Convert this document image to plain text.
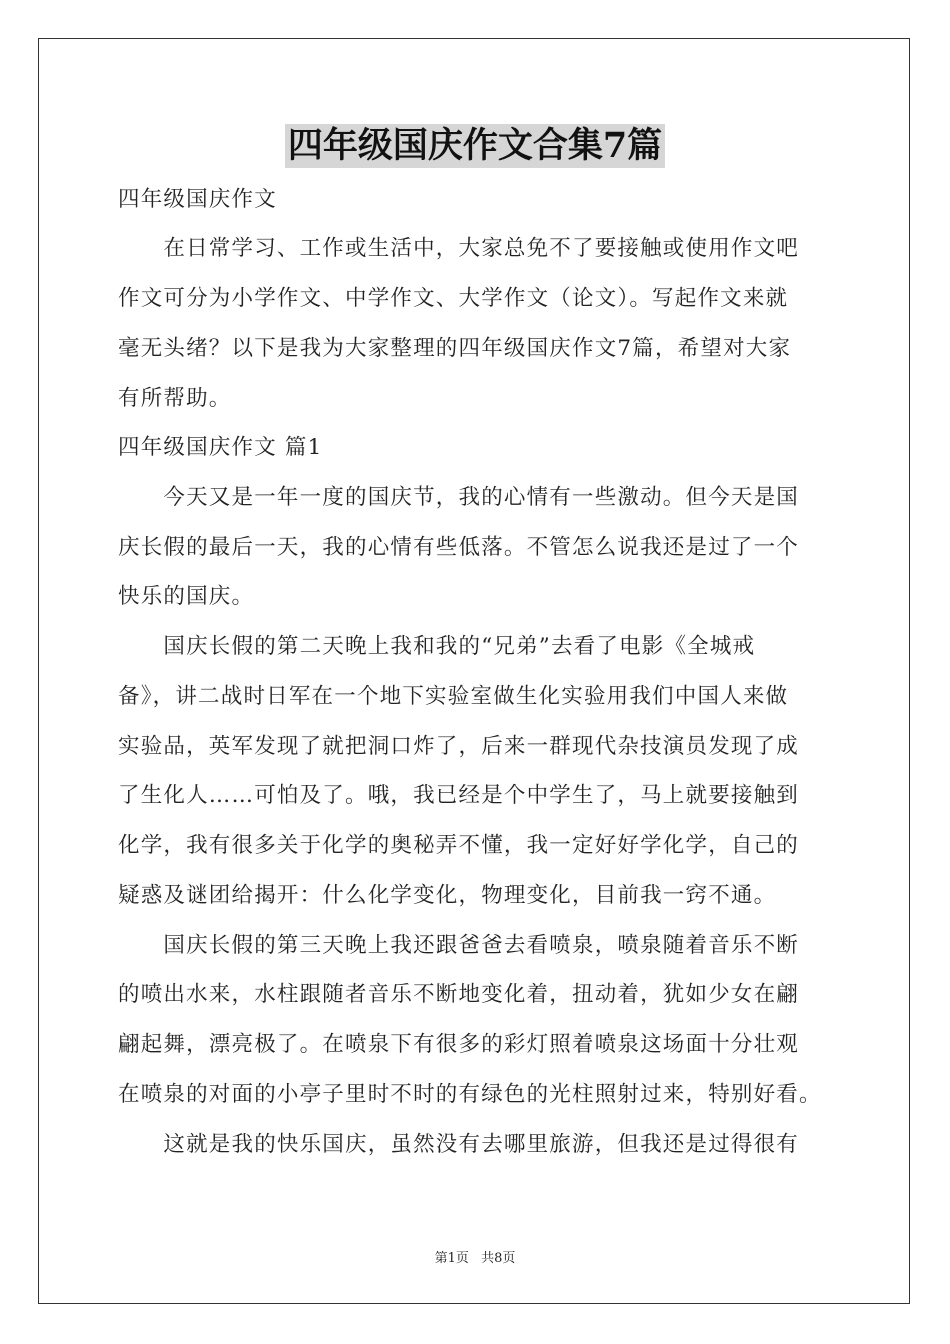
四年级国庆作文合集7篇
四年级国庆作文
　　在日常学习、工作或生活中，大家总免不了要接触或使用作文吧
作文可分为小学作文、中学作文、大学作文（论文）。写起作文来就
毫无头绪？以下是我为大家整理的四年级国庆作文7篇，希望对大家
有所帮助。
四年级国庆作文 篇1
　　今天又是一年一度的国庆节，我的心情有一些激动。但今天是国
庆长假的最后一天，我的心情有些低落。不管怎么说我还是过了一个
快乐的国庆。
　　国庆长假的第二天晚上我和我的“兄弟”去看了电影《全城戒
备》，讲二战时日军在一个地下实验室做生化实验用我们中国人来做
实验品，英军发现了就把洞口炸了，后来一群现代杂技演员发现了成
了生化人……可怕及了。哦，我已经是个中学生了，马上就要接触到
化学，我有很多关于化学的奥秘弄不懂，我一定好好学化学，自己的
疑惑及谜团给揭开：什么化学变化，物理变化，目前我一窍不通。
　　国庆长假的第三天晚上我还跟爸爸去看喷泉，喷泉随着音乐不断
的喷出水来，水柱跟随者音乐不断地变化着，扭动着，犹如少女在翩
翩起舞，漂亮极了。在喷泉下有很多的彩灯照着喷泉这场面十分壮观
在喷泉的对面的小亭子里时不时的有绿色的光柱照射过来，特别好看。
　　这就是我的快乐国庆，虽然没有去哪里旅游，但我还是过得很有
第1页 共8页
